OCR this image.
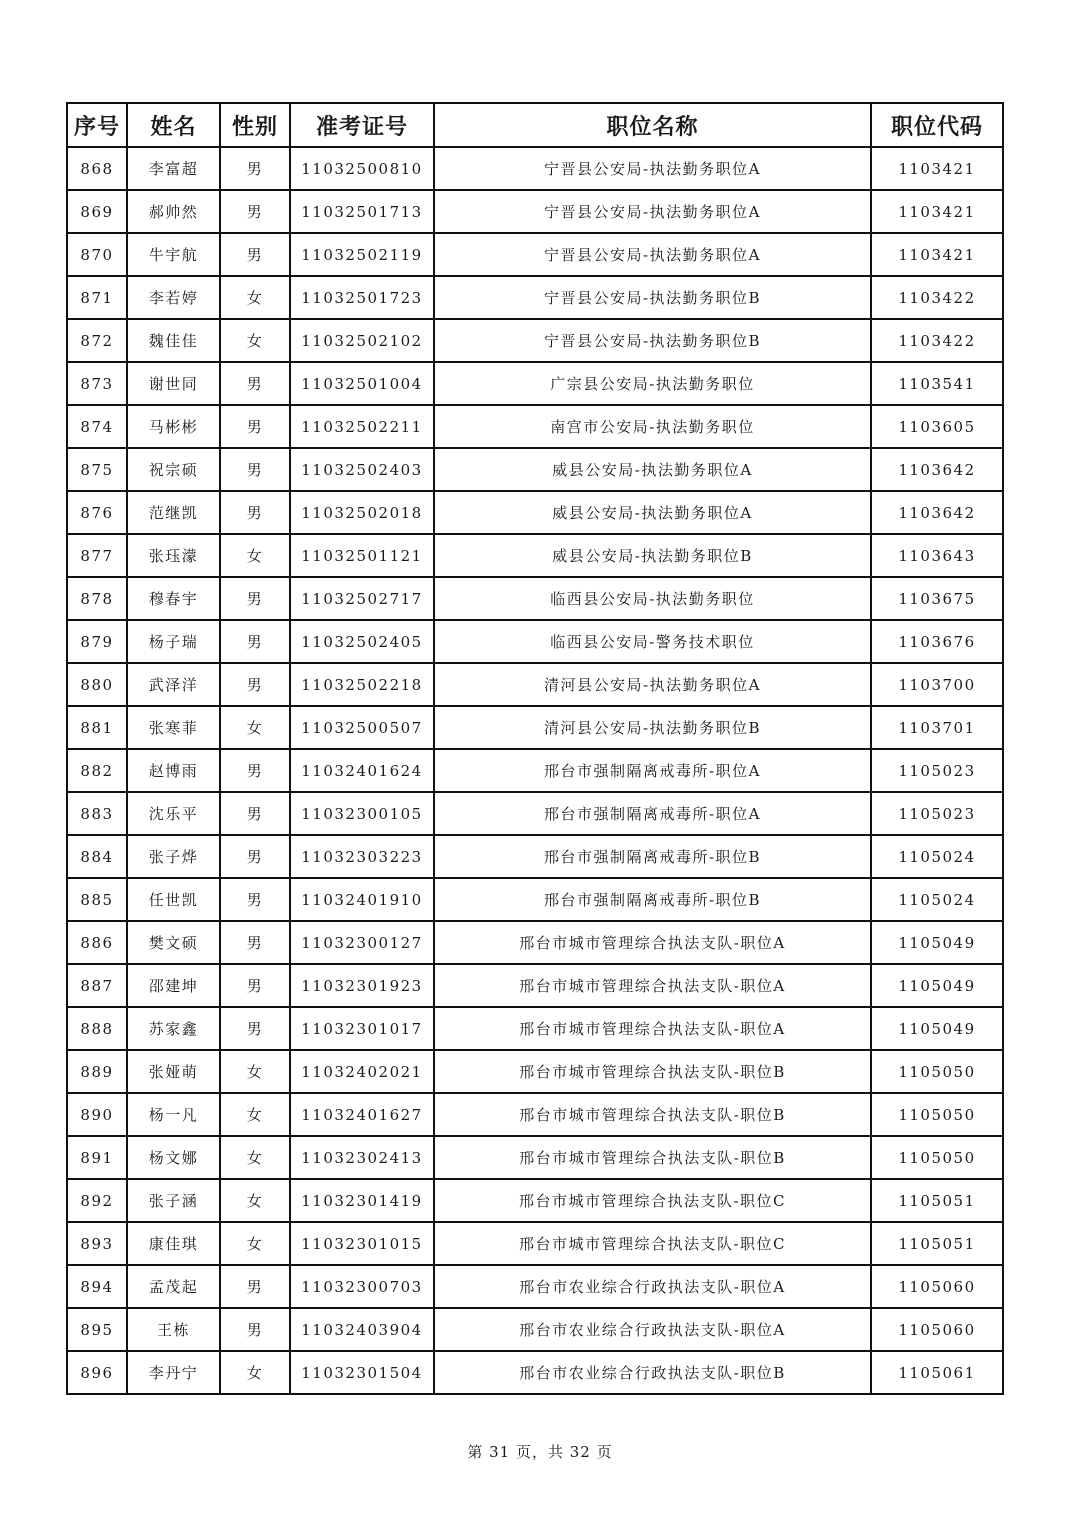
序号	姓名	性别	准考证号	职位名称	职位代码
868	李富超	男	11032500810	宁晋县公安局-执法勤务职位A	1103421
869	郝帅然	男	11032501713	宁晋县公安局-执法勤务职位A	1103421
870	牛宇航	男	11032502119	宁晋县公安局-执法勤务职位A	1103421
871	李若婷	女	11032501723	宁晋县公安局-执法勤务职位B	1103422
872	魏佳佳	女	11032502102	宁晋县公安局-执法勤务职位B	1103422
873	谢世同	男	11032501004	广宗县公安局-执法勤务职位	1103541
874	马彬彬	男	11032502211	南宫市公安局-执法勤务职位	1103605
875	祝宗硕	男	11032502403	威县公安局-执法勤务职位A	1103642
876	范继凯	男	11032502018	威县公安局-执法勤务职位A	1103642
877	张珏濛	女	11032501121	威县公安局-执法勤务职位B	1103643
878	穆春宇	男	11032502717	临西县公安局-执法勤务职位	1103675
879	杨子瑞	男	11032502405	临西县公安局-警务技术职位	1103676
880	武泽洋	男	11032502218	清河县公安局-执法勤务职位A	1103700
881	张寒菲	女	11032500507	清河县公安局-执法勤务职位B	1103701
882	赵博雨	男	11032401624	邢台市强制隔离戒毒所-职位A	1105023
883	沈乐平	男	11032300105	邢台市强制隔离戒毒所-职位A	1105023
884	张子烨	男	11032303223	邢台市强制隔离戒毒所-职位B	1105024
885	任世凯	男	11032401910	邢台市强制隔离戒毒所-职位B	1105024
886	樊文硕	男	11032300127	邢台市城市管理综合执法支队-职位A	1105049
887	邵建坤	男	11032301923	邢台市城市管理综合执法支队-职位A	1105049
888	苏家鑫	男	11032301017	邢台市城市管理综合执法支队-职位A	1105049
889	张娅萌	女	11032402021	邢台市城市管理综合执法支队-职位B	1105050
890	杨一凡	女	11032401627	邢台市城市管理综合执法支队-职位B	1105050
891	杨文娜	女	11032302413	邢台市城市管理综合执法支队-职位B	1105050
892	张子涵	女	11032301419	邢台市城市管理综合执法支队-职位C	1105051
893	康佳琪	女	11032301015	邢台市城市管理综合执法支队-职位C	1105051
894	孟茂起	男	11032300703	邢台市农业综合行政执法支队-职位A	1105060
895	王栋	男	11032403904	邢台市农业综合行政执法支队-职位A	1105060
896	李丹宁	女	11032301504	邢台市农业综合行政执法支队-职位B	1105061
第 31 页，共 32 页
